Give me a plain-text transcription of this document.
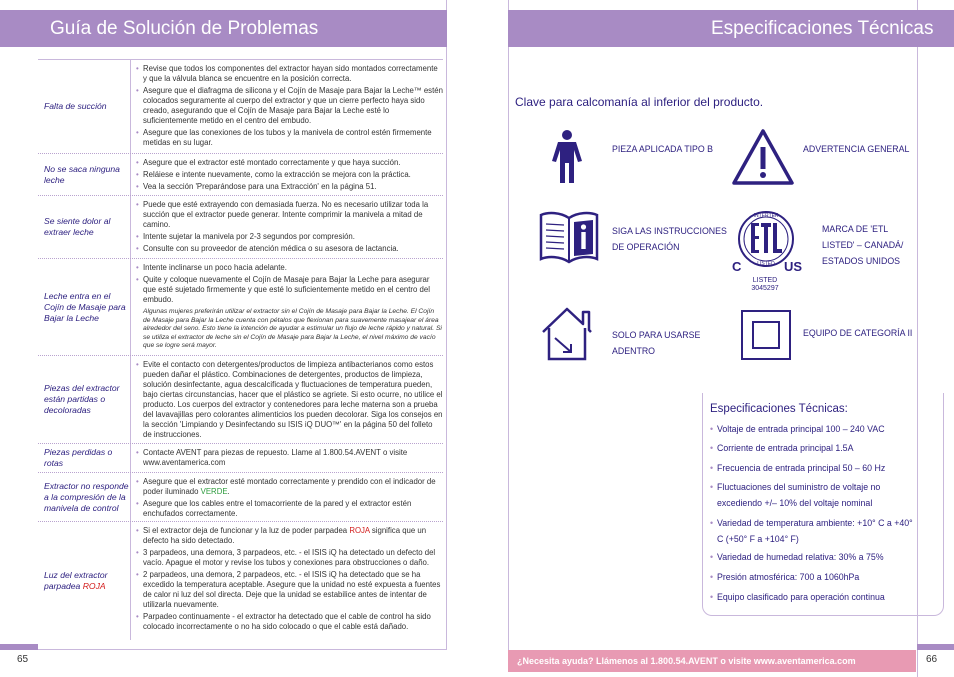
Guía de Solución de Problemas	Especificaciones Técnicas
Falta de succión
• Revise que todos los componentes del extractor hayan sido montados correctamente y que la válvula blanca se encuentre en la posición correcta.
• Asegure que el diafragma de silicona y el Cojín de Masaje para Bajar la Leche™ estén colocados seguramente al cuerpo del extractor y que un cierre perfecto haya sido creado, asegurando que el Cojín de Masaje para Bajar la Leche esté lo suficientemente metido en el centro del embudo.
• Asegure que las conexiones de los tubos y la manivela de control estén firmemente metidas en su lugar.
No se saca ninguna leche
• Asegure que el extractor esté montado correctamente y que haya succión.
• Reláiese e intente nuevamente, como la extracción se mejora con la práctica.
• Vea la sección 'Preparándose para una Extracción' en la página 51.
Se siente dolor al extraer leche
• Puede que esté extrayendo con demasiada fuerza. No es necesario utilizar toda la succión que el extractor puede generar. Intente comprimir la manivela a mitad de camino.
• Intente sujetar la manivela por 2-3 segundos por compresión.
• Consulte con su proveedor de atención médica o su asesora de lactancia.
Leche entra en el Cojín de Masaje para Bajar la Leche
• Intente inclinarse un poco hacia adelante.
• Quite y coloque nuevamente el Cojín de Masaje para Bajar la Leche para asegurar que esté sujetado firmemente y que esté lo suficientemente metido en el centro del embudo.
Algunas mujeres preferirán utilizar el extractor sin el Cojín de Masaje para Bajar la Leche. El Cojín de Masaje para Bajar la Leche cuenta con pétalos que flexionan para suavemente masajear el área alrededor del seno. Esto tiene la intención de ayudar a estimular un flujo de leche rápido y natural. Si se utiliza el extractor de leche sin el Cojín de Masaje para Bajar la Leche, el nivel máximo de vacío que se logre será mayor.
Piezas del extractor están partidas o decoloradas
• Evite el contacto con detergentes/productos de limpieza antibacterianos como estos pueden dañar el plástico. Combinaciones de detergentes, productos de limpieza, solución desinfectante, agua descalcificada y fluctuaciones de temperatura pueden, bajo ciertas circunstancias, hacer que el plástico se agriete. Si esto ocurre, no utilice el producto. Los cuerpos del extractor y contenedores para leche materna son a prueba del lavavajillas pero colorantes alimenticios los pueden decolorar. Siga los consejos en la sección 'Limpiando y Desinfectando su ISIS iQ DUO™' en la página 50 del folleto de instrucciones.
Piezas perdidas o rotas
• Contacte AVENT para piezas de repuesto. Llame al 1.800.54.AVENT o visite www.aventamerica.com
Extractor no responde a la compresión de la manivela de control
• Asegure que el extractor esté montado correctamente y prendido con el indicador de poder iluminado VERDE.
• Asegure que los cables entre el tomacorriente de la pared y el extractor estén enchufados correctamente.
Luz del extractor parpadea ROJA
• Si el extractor deja de funcionar y la luz de poder parpadea ROJA significa que un defecto ha sido detectado.
• 3 parpadeos, una demora, 3 parpadeos, etc. - el ISIS iQ ha detectado un defecto del vacío. Apague el motor y revise los tubos y conexiones para obstrucciones o daño.
• 2 parpadeos, una demora, 2 parpadeos, etc. - el ISIS iQ ha detectado que se ha excedido la temperatura aceptable. Asegure que la unidad no esté expuesta a fuentes de calor ni luz del sol directa. Deje que la unidad se estabilice antes de intentar de utilizarla nuevamente.
• Parpadeo continuamente - el extractor ha detectado que el cable de control ha sido colocado incorrectamente o no ha sido colocado o que el cable está dañado.
Clave para calcomanía al inferior del producto.
PIEZA APLICADA TIPO B	ADVERTENCIA GENERAL
SIGA LAS INSTRUCCIONES DE OPERACIÓN
INTERTEK
LISTED
C	US
LISTED
3045297
MARCA DE 'ETL LISTED' – CANADÁ/ ESTADOS UNIDOS
SOLO PARA USARSE ADENTRO
EQUIPO DE CATEGORÍA II
Especificaciones Técnicas:
• Voltaje de entrada principal 100 – 240 VAC
• Corriente de entrada principal 1.5A
• Frecuencia de entrada principal 50 – 60 Hz
• Fluctuaciones del suministro de voltaje no excediendo +/– 10% del voltaje nominal
• Variedad de temperatura ambiente: +10° C a +40° C (+50° F a +104° F)
• Variedad de humedad relativa: 30% a 75%
• Presión atmosférica: 700 a 1060hPa
• Equipo clasificado para operación continua
65	¿Necesita ayuda? Llámenos al 1.800.54.AVENT o visite www.aventamerica.com	66
